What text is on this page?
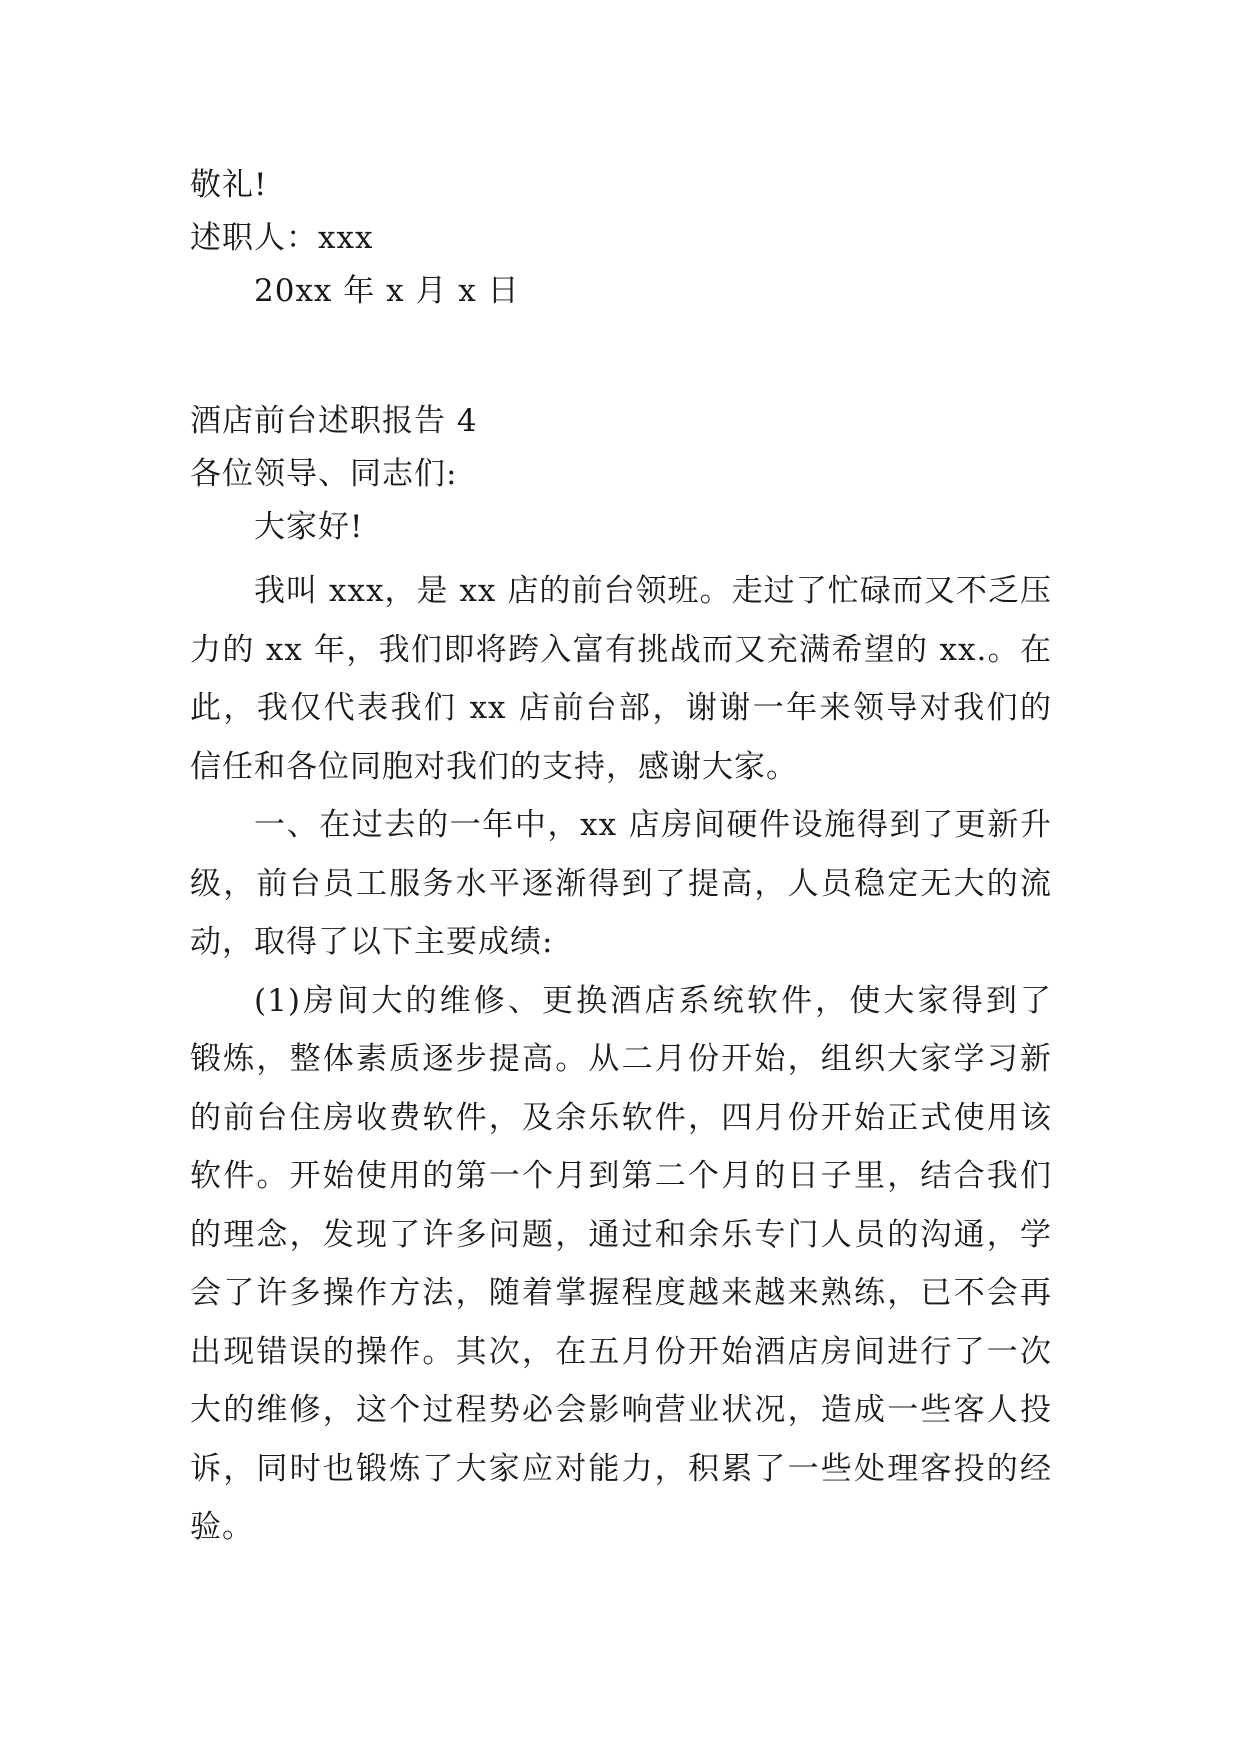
敬礼!
述职人：xxx
20xx 年 x 月 x 日
酒店前台述职报告 4
各位领导、同志们:
大家好!
我叫 xxx，是 xx 店的前台领班。走过了忙碌而又不乏压
力的 xx 年，我们即将跨入富有挑战而又充满希望的 xx.。在
此，我仅代表我们 xx 店前台部，谢谢一年来领导对我们的
信任和各位同胞对我们的支持，感谢大家。
一、在过去的一年中，xx 店房间硬件设施得到了更新升
级，前台员工服务水平逐渐得到了提高，人员稳定无大的流
动，取得了以下主要成绩:
(1)房间大的维修、更换酒店系统软件，使大家得到了
锻炼，整体素质逐步提高。从二月份开始，组织大家学习新
的前台住房收费软件，及余乐软件，四月份开始正式使用该
软件。开始使用的第一个月到第二个月的日子里，结合我们
的理念，发现了许多问题，通过和余乐专门人员的沟通，学
会了许多操作方法，随着掌握程度越来越来熟练，已不会再
出现错误的操作。其次，在五月份开始酒店房间进行了一次
大的维修，这个过程势必会影响营业状况，造成一些客人投
诉，同时也锻炼了大家应对能力，积累了一些处理客投的经
验。
